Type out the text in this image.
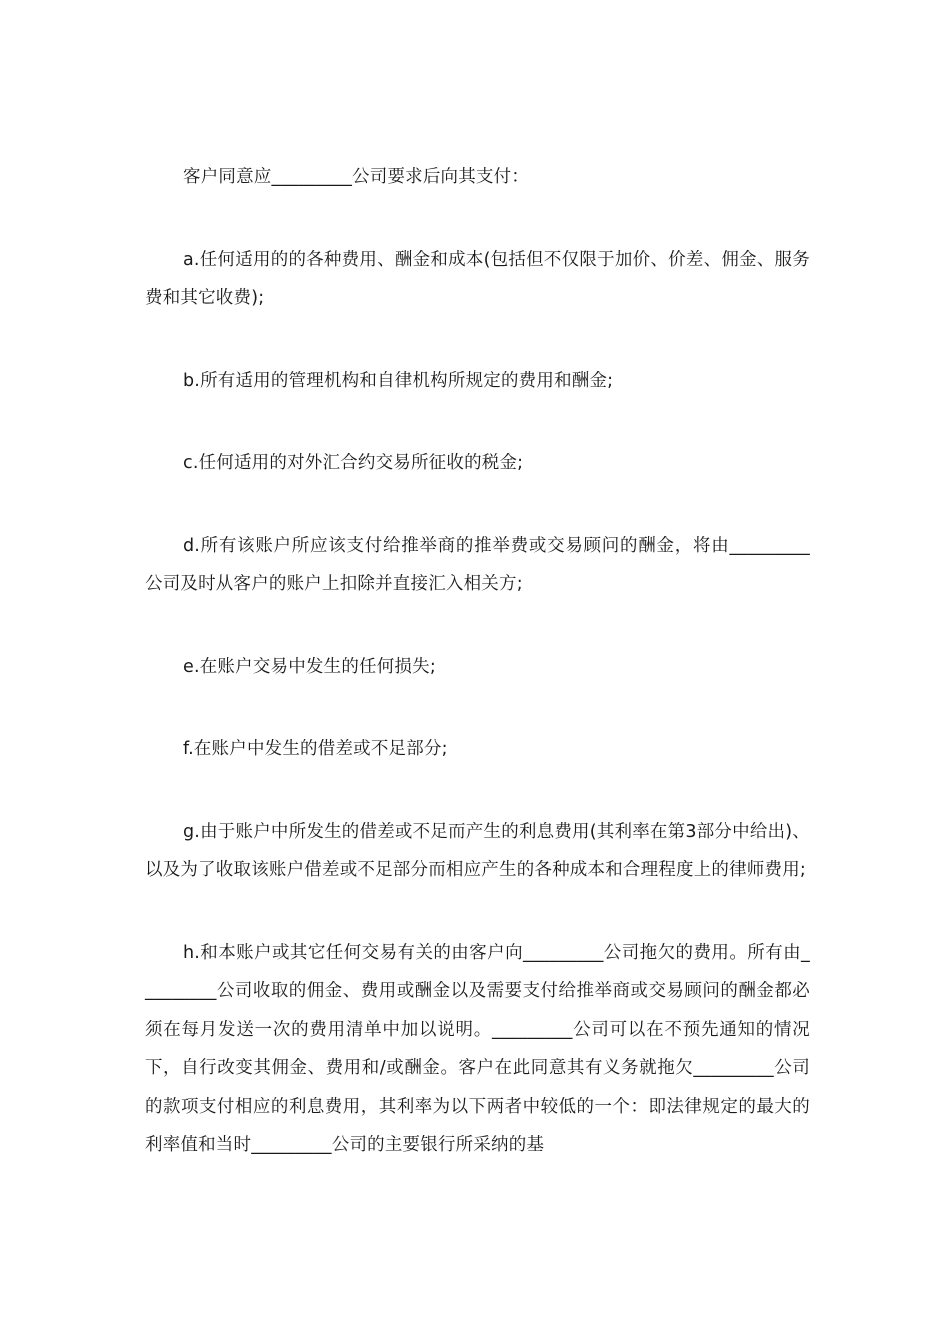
客户同意应_________公司要求后向其支付：

a.任何适用的的各种费用、酬金和成本(包括但不仅限于加价、价差、佣金、服务费和其它收费);

b.所有适用的管理机构和自律机构所规定的费用和酬金;

c.任何适用的对外汇合约交易所征收的税金;

d.所有该账户所应该支付给推举商的推举费或交易顾问的酬金，将由_________公司及时从客户的账户上扣除并直接汇入相关方;

e.在账户交易中发生的任何损失;

f.在账户中发生的借差或不足部分;

g.由于账户中所发生的借差或不足而产生的利息费用(其利率在第3部分中给出)、以及为了收取该账户借差或不足部分而相应产生的各种成本和合理程度上的律师费用;

h.和本账户或其它任何交易有关的由客户向_________公司拖欠的费用。所有由_________公司收取的佣金、费用或酬金以及需要支付给推举商或交易顾问的酬金都必须在每月发送一次的费用清单中加以说明。_________公司可以在不预先通知的情况下，自行改变其佣金、费用和/或酬金。客户在此同意其有义务就拖欠_________公司的款项支付相应的利息费用，其利率为以下两者中较低的一个：即法律规定的最大的利率值和当时_________公司的主要银行所采纳的基
